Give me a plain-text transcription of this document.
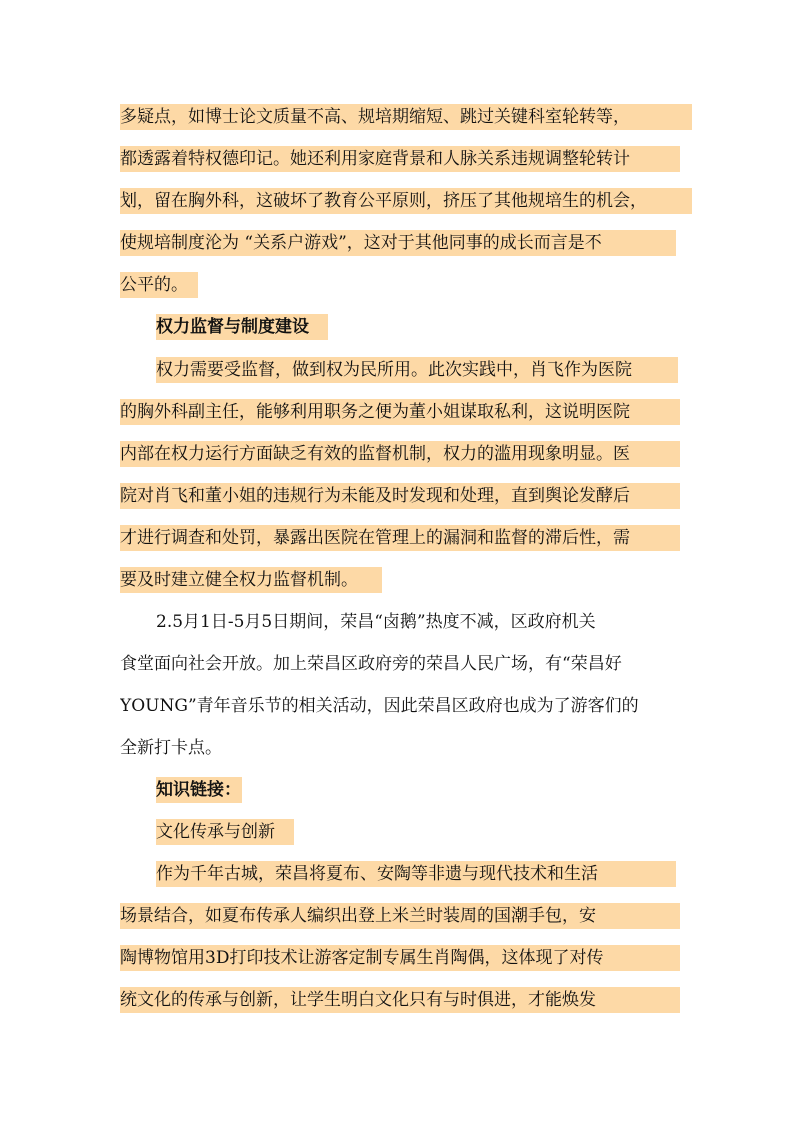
多疑点，如博士论文质量不高、规培期缩短、跳过关键科室轮转等，
都透露着特权德印记。她还利用家庭背景和人脉关系违规调整轮转计
划，留在胸外科，这破坏了教育公平原则，挤压了其他规培生的机会，
使规培制度沦为 “关系户游戏”，这对于其他同事的成长而言是不
公平的。
权力监督与制度建设
权力需要受监督，做到权为民所用。此次实践中，肖飞作为医院
的胸外科副主任，能够利用职务之便为董小姐谋取私利，这说明医院
内部在权力运行方面缺乏有效的监督机制，权力的滥用现象明显。医
院对肖飞和董小姐的违规行为未能及时发现和处理，直到舆论发酵后
才进行调查和处罚，暴露出医院在管理上的漏洞和监督的滞后性，需
要及时建立健全权力监督机制。
2.5月1日-5月5日期间，荣昌“卤鹅”热度不减，区政府机关
食堂面向社会开放。加上荣昌区政府旁的荣昌人民广场，有“荣昌好
YOUNG”青年音乐节的相关活动，因此荣昌区政府也成为了游客们的
全新打卡点。
知识链接：
文化传承与创新
作为千年古城，荣昌将夏布、安陶等非遗与现代技术和生活
场景结合，如夏布传承人编织出登上米兰时装周的国潮手包，安
陶博物馆用3D打印技术让游客定制专属生肖陶偶，这体现了对传
统文化的传承与创新，让学生明白文化只有与时俱进，才能焕发
